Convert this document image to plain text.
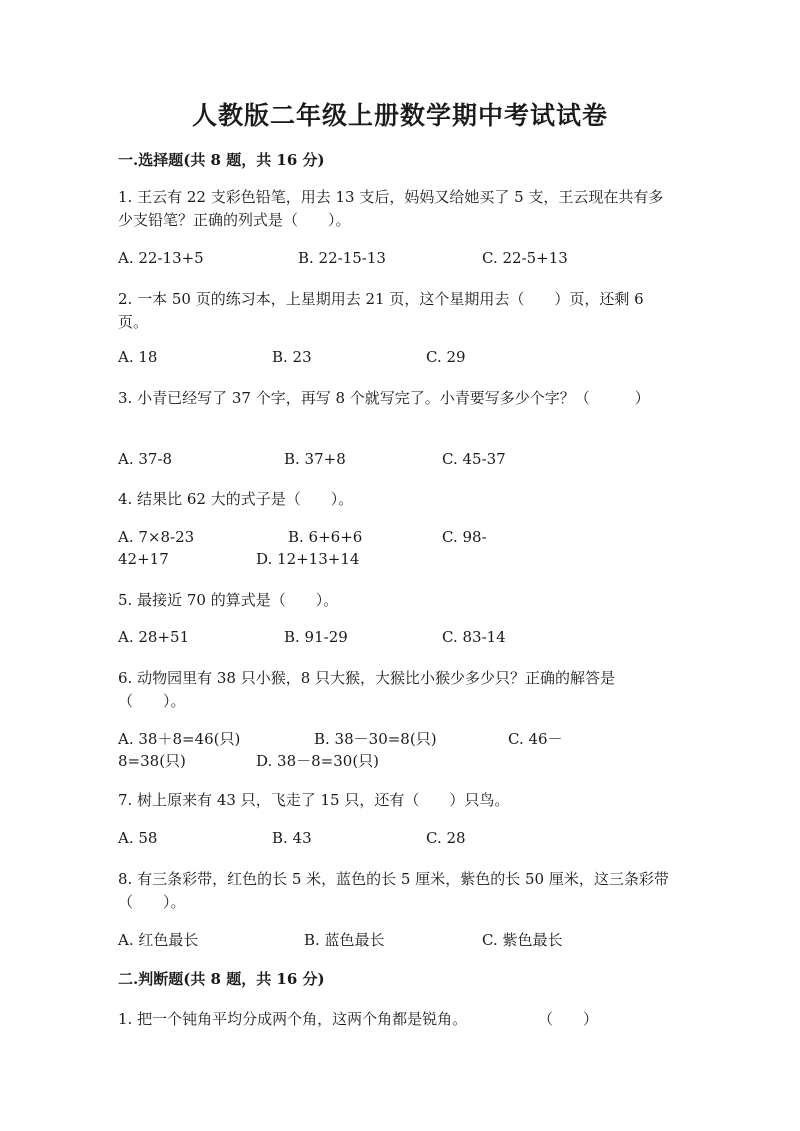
人教版二年级上册数学期中考试试卷
一.选择题(共 8 题，共 16 分)
1. 王云有 22 支彩色铅笔，用去 13 支后，妈妈又给她买了 5 支，王云现在共有多少支铅笔？正确的列式是（　　）。
A. 22-13+5	B. 22-15-13	C. 22-5+13
2. 一本 50 页的练习本，上星期用去 21 页，这个星期用去（　　）页，还剩 6 页。
A. 18	B. 23	C. 29
3. 小青已经写了 37 个字，再写 8 个就写完了。小青要写多少个字？（　　　）
A. 37-8	B. 37+8	C. 45-37
4. 结果比 62 大的式子是（　　）。
A. 7×8-23	B. 6+6+6	C. 98-
42+17	D. 12+13+14
5. 最接近 70 的算式是（　　）。
A. 28+51	B. 91-29	C. 83-14
6. 动物园里有 38 只小猴，8 只大猴，大猴比小猴少多少只？正确的解答是（　　）。
A. 38＋8=46(只)	B. 38－30=8(只)	C. 46－
8=38(只)	D. 38－8=30(只)
7. 树上原来有 43 只，飞走了 15 只，还有（　　）只鸟。
A. 58	B. 43	C. 28
8. 有三条彩带，红色的长 5 米，蓝色的长 5 厘米，紫色的长 50 厘米，这三条彩带（　　）。
A. 红色最长	B. 蓝色最长	C. 紫色最长
二.判断题(共 8 题，共 16 分)
1. 把一个钝角平均分成两个角，这两个角都是锐角。	（　　）
